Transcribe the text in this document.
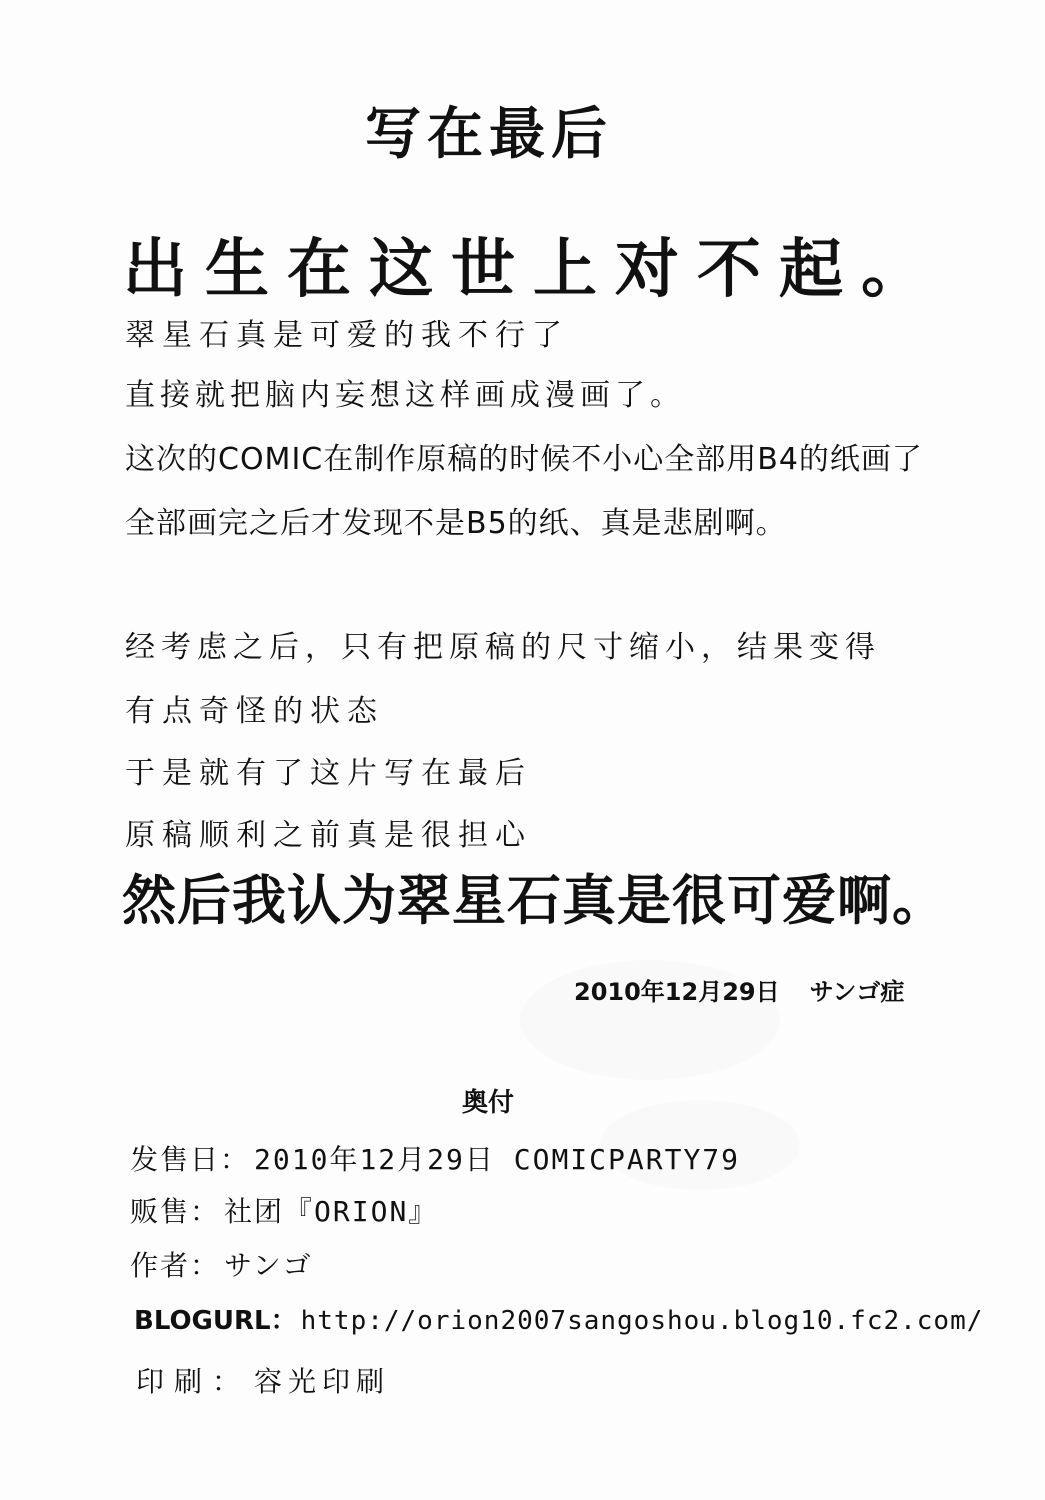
写在最后
出生在这世上对不起。

翠星石真是可爱的我不行了

直接就把脑内妄想这样画成漫画了。

这次的COMIC在制作原稿的时候不小心全部用B4的纸画了

全部画完之后才发现不是B5的纸、真是悲剧啊。

经考虑之后，只有把原稿的尺寸缩小，结果变得

有点奇怪的状态

于是就有了这片写在最后

原稿顺利之前真是很担心

然后我认为翠星石真是很可爱啊。
2010年12月29日 サンゴ症
奥付
发售日： 2010年12月29日 COMICPARTY79
贩售： 社团『ORION』
作者： サンゴ
BLOGURL： http://orion2007sangoshou.blog10.fc2.com/
印刷： 容光印刷
